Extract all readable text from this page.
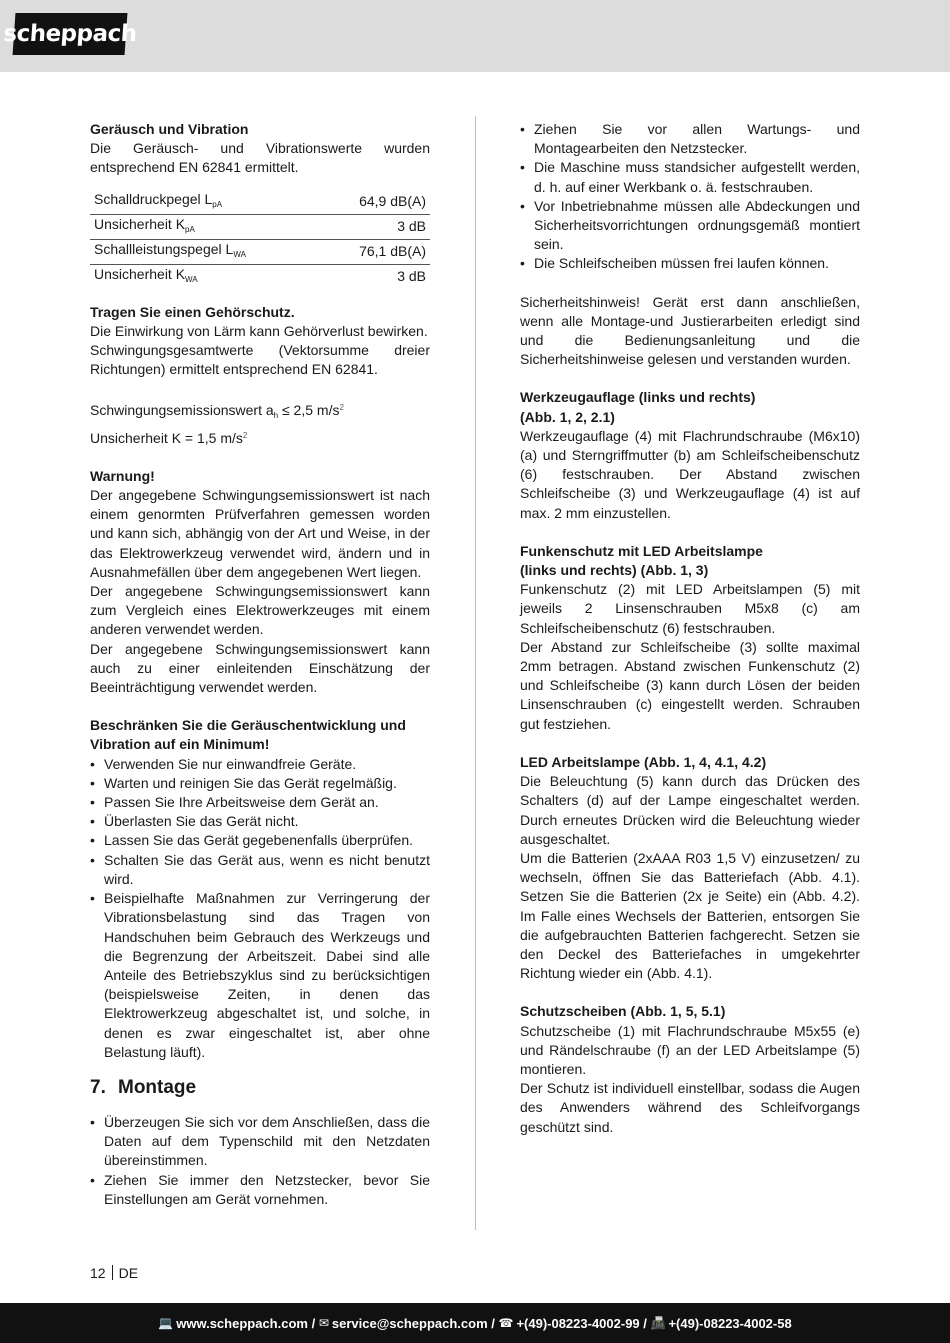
scheppach

Geräusch und Vibration

Die Geräusch- und Vibrationswerte wurden entsprechend EN 62841 ermittelt.

Schalldruckpegel $L_{pA}$	64,9 dB(A)
Unsicherheit $K_{pA}$	3 dB
Schallleistungspegel $L_{WA}$	76,1 dB(A)
Unsicherheit $K_{WA}$	3 dB

Tragen Sie einen Gehörschutz.

Die Einwirkung von Lärm kann Gehörverlust bewirken.

Schwingungsgesamtwerte (Vektorsumme dreier Richtungen) ermittelt entsprechend EN 62841.

Schwingungsemissionswert $a_h \le 2,5$ $m/s^2$

Unsicherheit K = 1,5 $m/s^2$

Warnung!

Der angegebene Schwingungsemissionswert ist nach einem genormten Prüfverfahren gemessen worden und kann sich, abhängig von der Art und Weise, in der das Elektrowerkzeug verwendet wird, ändern und in Ausnahmefällen über dem angegebenen Wert liegen.

Der angegebene Schwingungsemissionswert kann zum Vergleich eines Elektrowerkzeuges mit einem anderen verwendet werden.

Der angegebene Schwingungsemissionswert kann auch zu einer einleitenden Einschätzung der Beeinträchtigung verwendet werden.

Beschränken Sie die Geräuschentwicklung und Vibration auf ein Minimum!

• Verwenden Sie nur einwandfreie Geräte.
• Warten und reinigen Sie das Gerät regelmäßig.
• Passen Sie Ihre Arbeitsweise dem Gerät an.
• Überlasten Sie das Gerät nicht.
• Lassen Sie das Gerät gegebenenfalls überprüfen.
• Schalten Sie das Gerät aus, wenn es nicht benutzt wird.
• Beispielhafte Maßnahmen zur Verringerung der Vibrationsbelastung sind das Tragen von Handschuhen beim Gebrauch des Werkzeugs und die Begrenzung der Arbeitszeit. Dabei sind alle Anteile des Betriebszyklus sind zu berücksichtigen (beispielsweise Zeiten, in denen das Elektrowerkzeug abgeschaltet ist, und solche, in denen es zwar eingeschaltet ist, aber ohne Belastung läuft).
7. Montage
• Überzeugen Sie sich vor dem Anschließen, dass die Daten auf dem Typenschild mit den Netzdaten übereinstimmen.
• Ziehen Sie immer den Netzstecker, bevor Sie Einstellungen am Gerät vornehmen.
• Ziehen Sie vor allen Wartungs- und Montagearbeiten den Netzstecker.
• Die Maschine muss standsicher aufgestellt werden, d. h. auf einer Werkbank o. ä. festschrauben.
• Vor Inbetriebnahme müssen alle Abdeckungen und Sicherheitsvorrichtungen ordnungsgemäß montiert sein.
• Die Schleifscheiben müssen frei laufen können.

Sicherheitshinweis! Gerät erst dann anschließen, wenn alle Montage-und Justierarbeiten erledigt sind und die Bedienungsanleitung und die Sicherheitshinweise gelesen und verstanden wurden.

Werkzeugauflage (links und rechts)

(Abb. 1, 2, 2.1)

Werkzeugauflage (4) mit Flachrundschraube (M6x10) (a) und Sterngriffmutter (b) am Schleifscheibenschutz (6) festschrauben. Der Abstand zwischen Schleifscheibe (3) und Werkzeugauflage (4) ist auf max. 2 mm einzustellen.

Funkenschutz mit LED Arbeitslampe

(links und rechts) (Abb. 1, 3)

Funkenschutz (2) mit LED Arbeitslampen (5) mit jeweils 2 Linsenschrauben M5x8 (c) am Schleifscheibenschutz (6) festschrauben.

Der Abstand zur Schleifscheibe (3) sollte maximal 2mm betragen. Abstand zwischen Funkenschutz (2) und Schleifscheibe (3) kann durch Lösen der beiden Linsenschrauben (c) eingestellt werden. Schrauben gut festziehen.

LED Arbeitslampe (Abb. 1, 4, 4.1, 4.2)

Die Beleuchtung (5) kann durch das Drücken des Schalters (d) auf der Lampe eingeschaltet werden. Durch erneutes Drücken wird die Beleuchtung wieder ausgeschaltet.

Um die Batterien (2xAAA R03 1,5 V) einzusetzen/ zu wechseln, öffnen Sie das Batteriefach (Abb. 4.1). Setzen Sie die Batterien (2x je Seite) ein (Abb. 4.2). Im Falle eines Wechsels der Batterien, entsorgen Sie die aufgebrauchten Batterien fachgerecht. Setzen sie den Deckel des Batteriefaches in umgekehrter Richtung wieder ein (Abb. 4.1).

Schutzscheiben (Abb. 1, 5, 5.1)

Schutzscheibe (1) mit Flachrundschraube M5x55 (e) und Rändelschraube (f) an der LED Arbeitslampe (5) montieren.

Der Schutz ist individuell einstellbar, sodass die Augen des Anwenders während des Schleifvorgangs geschützt sind.

12 DE
💻 www.scheppach.com /
✉ service@scheppach.com /
☎ +(49)-08223-4002-99 /
📠 +(49)-08223-4002-58
